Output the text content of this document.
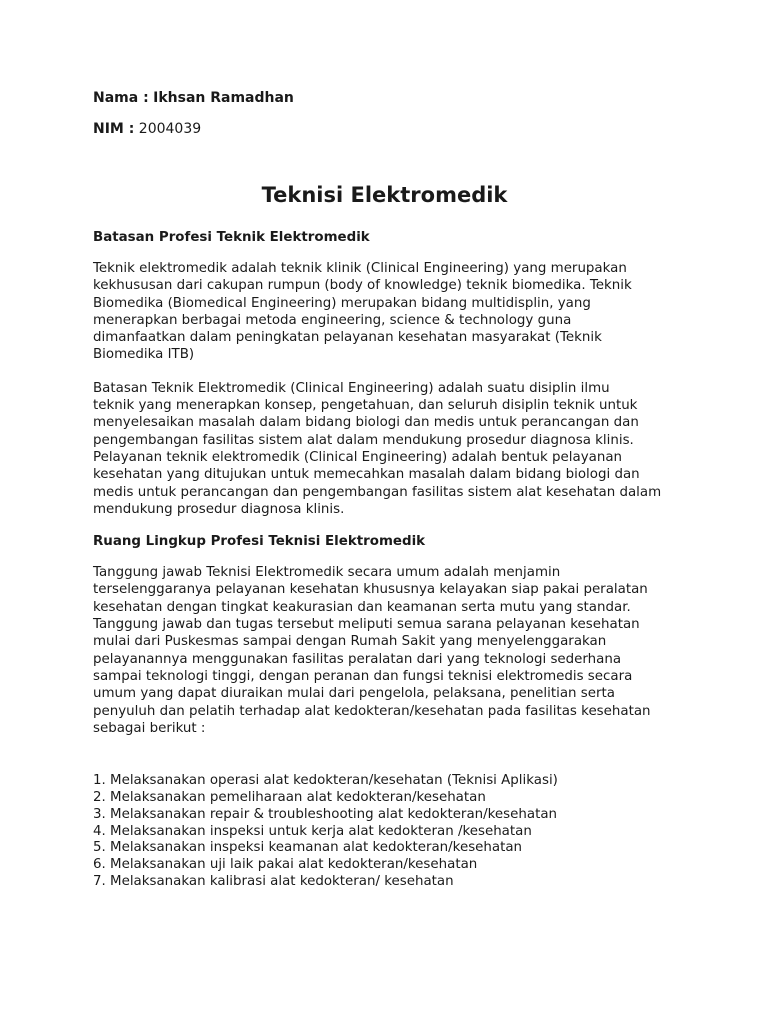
Nama : Ikhsan Ramadhan

NIM : 2004039

Teknisi Elektromedik
Batasan Profesi Teknik Elektromedik

Teknik elektromedik adalah teknik klinik (Clinical Engineering) yang merupakan
kekhususan dari cakupan rumpun (body of knowledge) teknik biomedika. Teknik
Biomedika (Biomedical Engineering) merupakan bidang multidisplin, yang
menerapkan berbagai metoda engineering, science & technology guna
dimanfaatkan dalam peningkatan pelayanan kesehatan masyarakat (Teknik
Biomedika ITB)

Batasan Teknik Elektromedik (Clinical Engineering) adalah suatu disiplin ilmu
teknik yang menerapkan konsep, pengetahuan, dan seluruh disiplin teknik untuk
menyelesaikan masalah dalam bidang biologi dan medis untuk perancangan dan
pengembangan fasilitas sistem alat dalam mendukung prosedur diagnosa klinis.
Pelayanan teknik elektromedik (Clinical Engineering) adalah bentuk pelayanan
kesehatan yang ditujukan untuk memecahkan masalah dalam bidang biologi dan
medis untuk perancangan dan pengembangan fasilitas sistem alat kesehatan dalam
mendukung prosedur diagnosa klinis.

Ruang Lingkup Profesi Teknisi Elektromedik

Tanggung jawab Teknisi Elektromedik secara umum adalah menjamin
terselenggaranya pelayanan kesehatan khususnya kelayakan siap pakai peralatan
kesehatan dengan tingkat keakurasian dan keamanan serta mutu yang standar.
Tanggung jawab dan tugas tersebut meliputi semua sarana pelayanan kesehatan
mulai dari Puskesmas sampai dengan Rumah Sakit yang menyelenggarakan
pelayanannya menggunakan fasilitas peralatan dari yang teknologi sederhana
sampai teknologi tinggi, dengan peranan dan fungsi teknisi elektromedis secara
umum yang dapat diuraikan mulai dari pengelola, pelaksana, penelitian serta
penyuluh dan pelatih terhadap alat kedokteran/kesehatan pada fasilitas kesehatan
sebagai berikut :

1. Melaksanakan operasi alat kedokteran/kesehatan (Teknisi Aplikasi)
2. Melaksanakan pemeliharaan alat kedokteran/kesehatan
3. Melaksanakan repair & troubleshooting alat kedokteran/kesehatan
4. Melaksanakan inspeksi untuk kerja alat kedokteran /kesehatan
5. Melaksanakan inspeksi keamanan alat kedokteran/kesehatan
6. Melaksanakan uji laik pakai alat kedokteran/kesehatan
7. Melaksanakan kalibrasi alat kedokteran/ kesehatan
